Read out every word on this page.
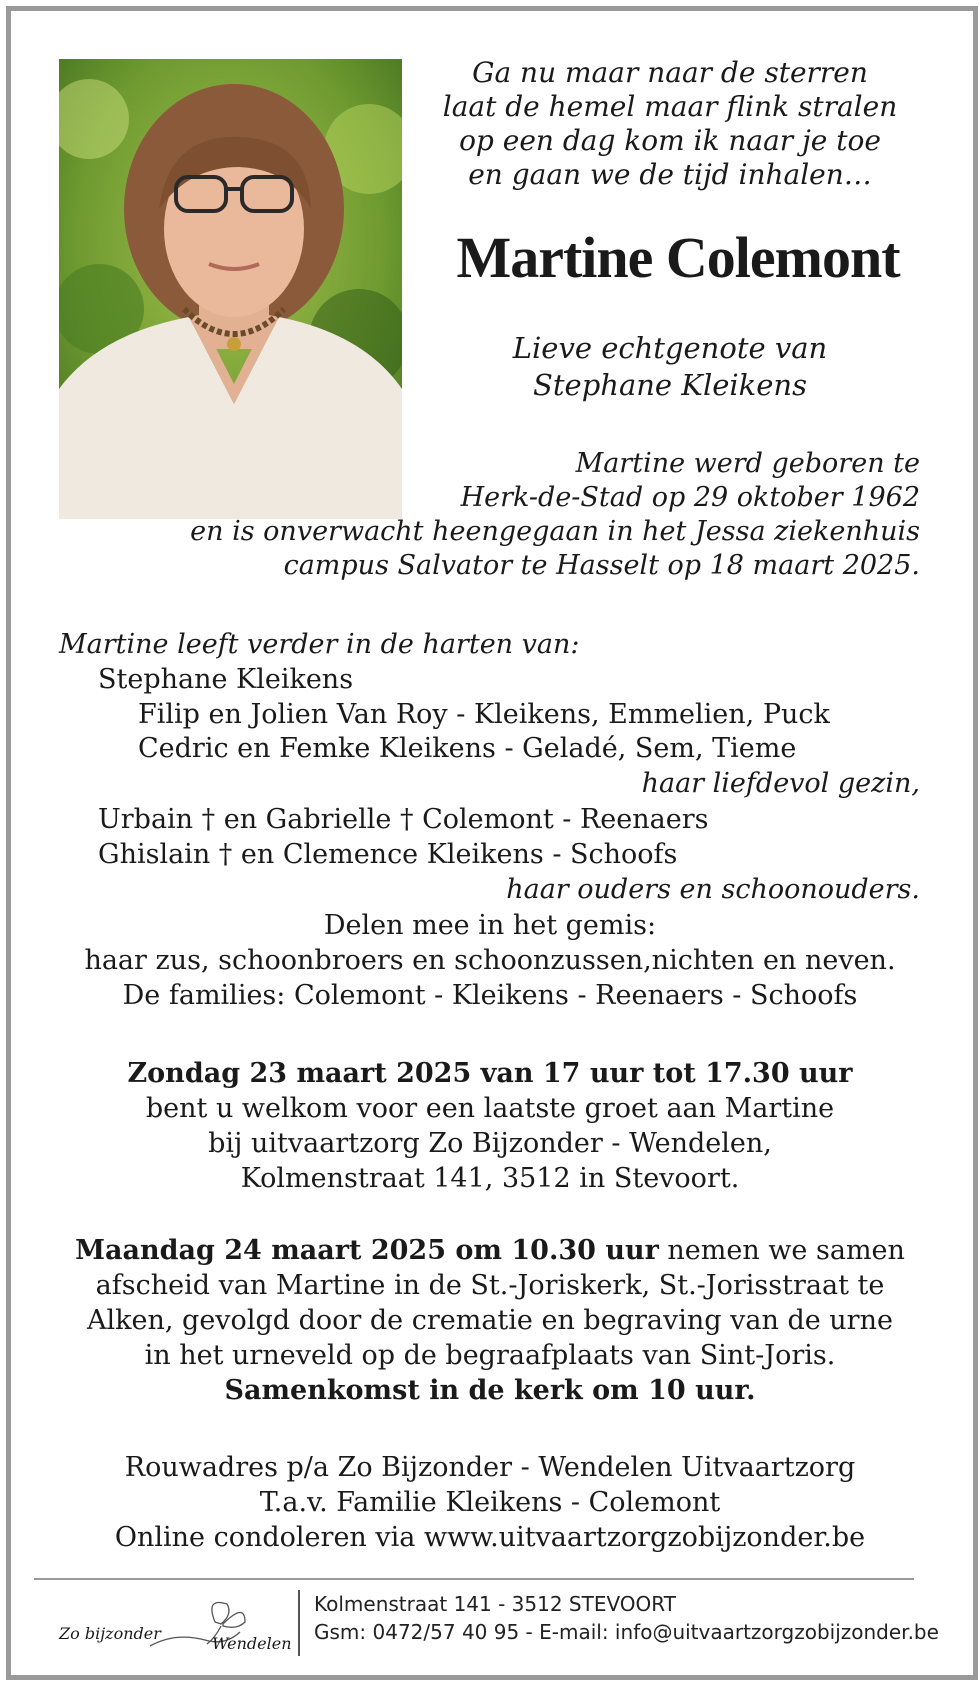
Ga nu maar naar de sterren
laat de hemel maar flink stralen
op een dag kom ik naar je toe
en gaan we de tijd inhalen…
Martine Colemont
Lieve echtgenote van
Stephane Kleikens
Martine werd geboren te
Herk-de-Stad op 29 oktober 1962
en is onverwacht heengegaan in het Jessa ziekenhuis
campus Salvator te Hasselt op 18 maart 2025.
Martine leeft verder in de harten van:
Stephane Kleikens
Filip en Jolien Van Roy - Kleikens, Emmelien, Puck
Cedric en Femke Kleikens - Geladé, Sem, Tieme
haar liefdevol gezin,
Urbain † en Gabrielle † Colemont - Reenaers
Ghislain † en Clemence Kleikens - Schoofs
haar ouders en schoonouders.
Delen mee in het gemis:
haar zus, schoonbroers en schoonzussen,nichten en neven.
De families: Colemont - Kleikens - Reenaers - Schoofs
Zondag 23 maart 2025 van 17 uur tot 17.30 uur
bent u welkom voor een laatste groet aan Martine
bij uitvaartzorg Zo Bijzonder - Wendelen,
Kolmenstraat 141, 3512 in Stevoort.
Maandag 24 maart 2025 om 10.30 uur nemen we samen
afscheid van Martine in de St.-Joriskerk, St.-Jorisstraat te
Alken, gevolgd door de crematie en begraving van de urne
in het urneveld op de begraafplaats van Sint-Joris.
Samenkomst in de kerk om 10 uur.
Rouwadres p/a Zo Bijzonder - Wendelen Uitvaartzorg
T.a.v. Familie Kleikens - Colemont
Online condoleren via www.uitvaartzorgzobijzonder.be
Zo bijzonder
Wendelen
Kolmenstraat 141 - 3512 STEVOORT
Gsm: 0472/57 40 95 - E-mail: info@uitvaartzorgzobijzonder.be
